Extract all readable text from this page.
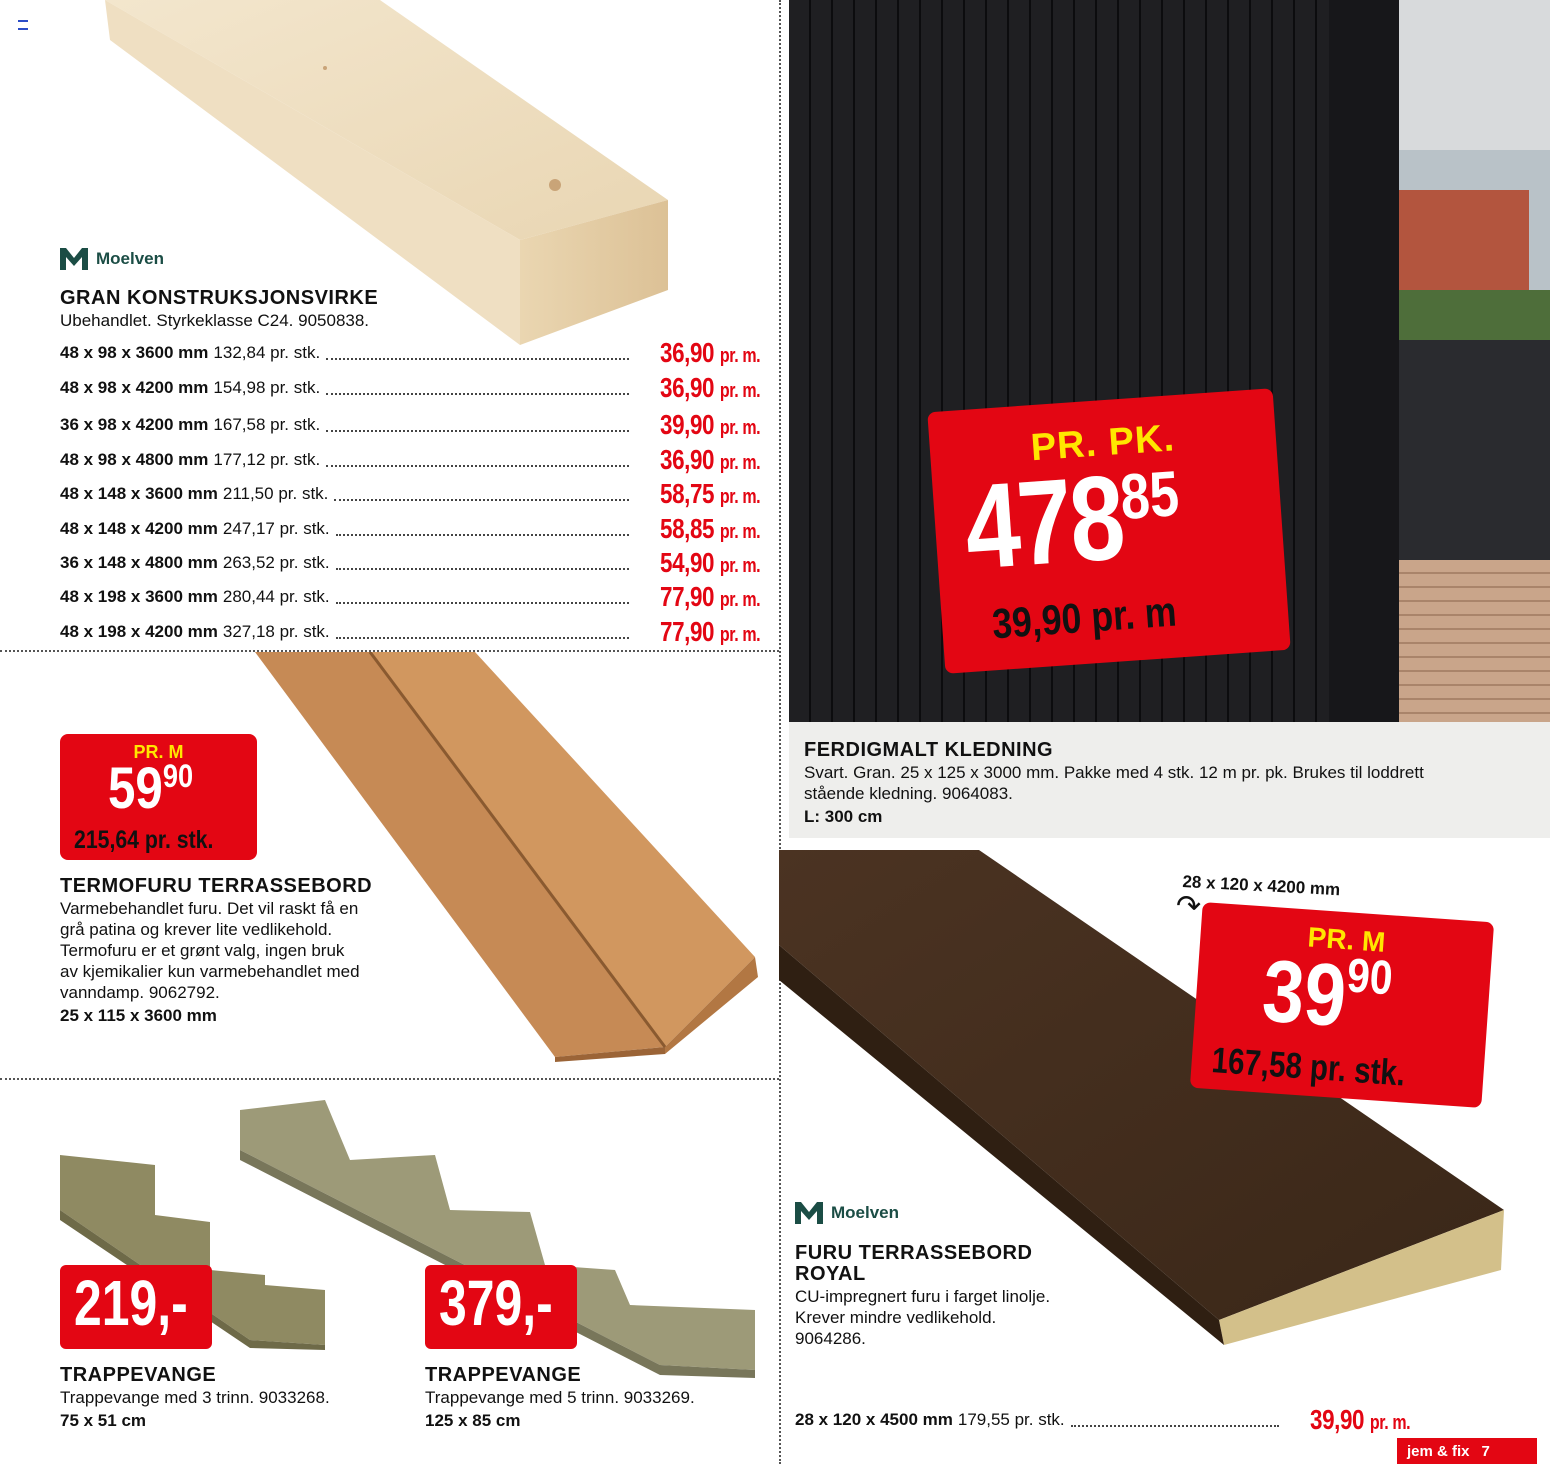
Moelven
GRAN KONSTRUKSJONSVIRKE
Ubehandlet. Styrkeklasse C24. 9050838.
48 x 98 x 3600 mm 132,84 pr. stk.	36,90 pr. m.
48 x 98 x 4200 mm 154,98 pr. stk.	36,90 pr. m.
36 x 98 x 4200 mm 167,58 pr. stk.	39,90 pr. m.
48 x 98 x 4800 mm 177,12 pr. stk.	36,90 pr. m.
48 x 148 x 3600 mm 211,50 pr. stk.	58,75 pr. m.
48 x 148 x 4200 mm 247,17 pr. stk.	58,85 pr. m.
36 x 148 x 4800 mm 263,52 pr. stk.	54,90 pr. m.
48 x 198 x 3600 mm 280,44 pr. stk.	77,90 pr. m.
48 x 198 x 4200 mm 327,18 pr. stk.	77,90 pr. m.
PR. PK.
47885
39,90 pr. m
FERDIGMALT KLEDNING
Svart. Gran. 25 x 125 x 3000 mm. Pakke med 4 stk. 12 m pr. pk. Brukes til loddrett
stående kledning. 9064083.
L: 300 cm
PR. M
5990
215,64 pr. stk.
TERMOFURU TERRASSEBORD
Varmebehandlet furu. Det vil raskt få en
grå patina og krever lite vedlikehold.
Termofuru er et grønt valg, ingen bruk
av kjemikalier kun varmebehandlet med
vanndamp. 9062792.
25 x 115 x 3600 mm
28 x 120 x 4200 mm
↷
PR. M
3990
167,58 pr. stk.
Moelven
FURU TERRASSEBORD
ROYAL
CU-impregnert furu i farget linolje.
Krever mindre vedlikehold.
9064286.
28 x 120 x 4500 mm 179,55 pr. stk.	39,90 pr. m.
219,-	379,-
TRAPPEVANGE
Trappevange med 3 trinn. 9033268.
75 x 51 cm
TRAPPEVANGE
Trappevange med 5 trinn. 9033269.
125 x 85 cm
jem & fix 7
